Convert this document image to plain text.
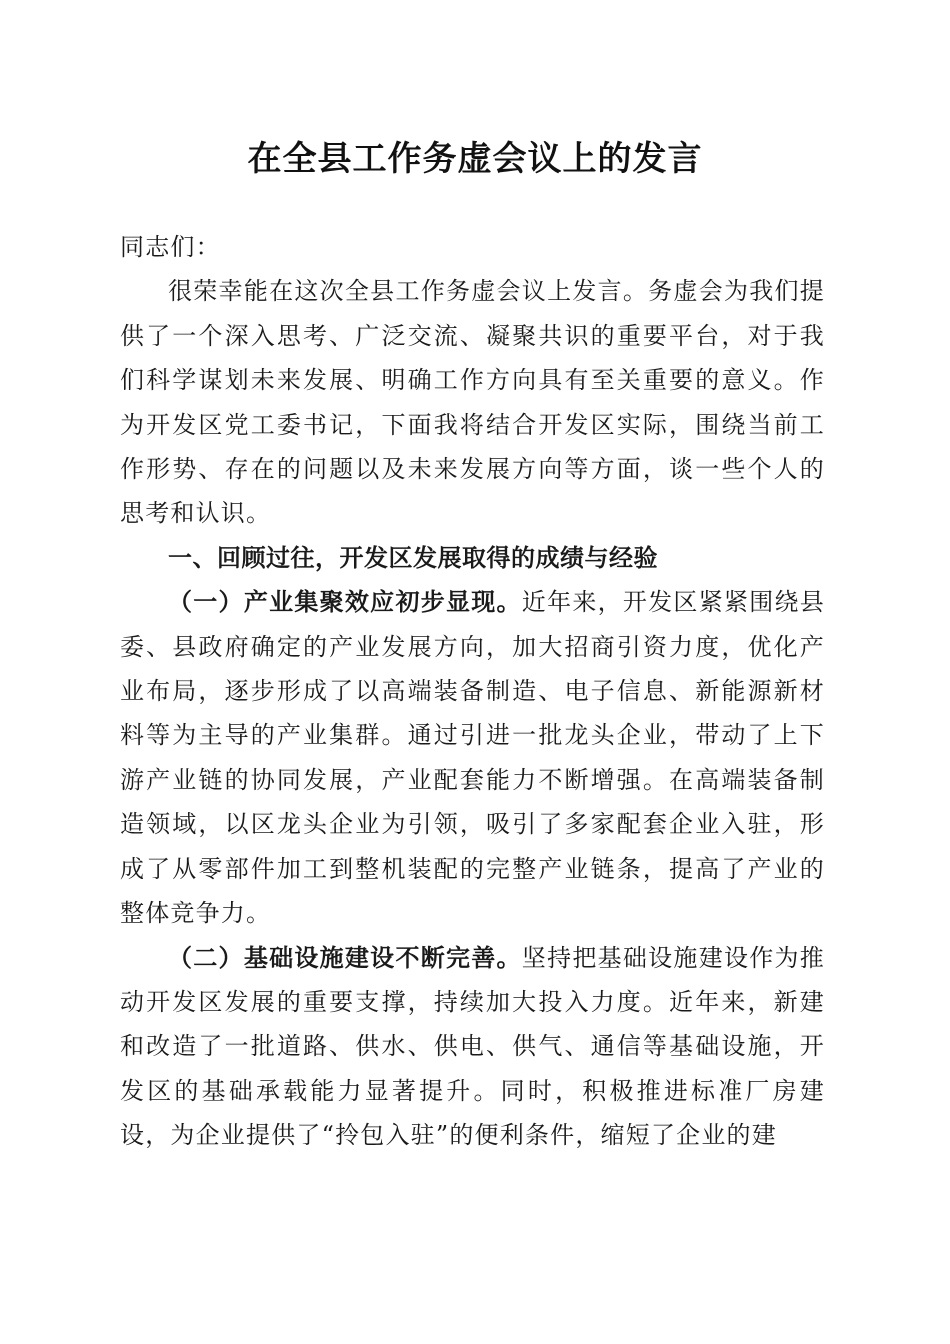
在全县工作务虚会议上的发言

同志们：

很荣幸能在这次全县工作务虚会议上发言。务虚会为我们提供了一个深入思考、广泛交流、凝聚共识的重要平台，对于我们科学谋划未来发展、明确工作方向具有至关重要的意义。作为开发区党工委书记，下面我将结合开发区实际，围绕当前工作形势、存在的问题以及未来发展方向等方面，谈一些个人的思考和认识。

一、回顾过往，开发区发展取得的成绩与经验

（一）产业集聚效应初步显现。近年来，开发区紧紧围绕县委、县政府确定的产业发展方向，加大招商引资力度，优化产业布局，逐步形成了以高端装备制造、电子信息、新能源新材料等为主导的产业集群。通过引进一批龙头企业，带动了上下游产业链的协同发展，产业配套能力不断增强。在高端装备制造领域，以区龙头企业为引领，吸引了多家配套企业入驻，形成了从零部件加工到整机装配的完整产业链条，提高了产业的整体竞争力。

（二）基础设施建设不断完善。坚持把基础设施建设作为推动开发区发展的重要支撑，持续加大投入力度。近年来，新建和改造了一批道路、供水、供电、供气、通信等基础设施，开发区的基础承载能力显著提升。同时，积极推进标准厂房建设，为企业提供了“拎包入驻”的便利条件，缩短了企业的建
